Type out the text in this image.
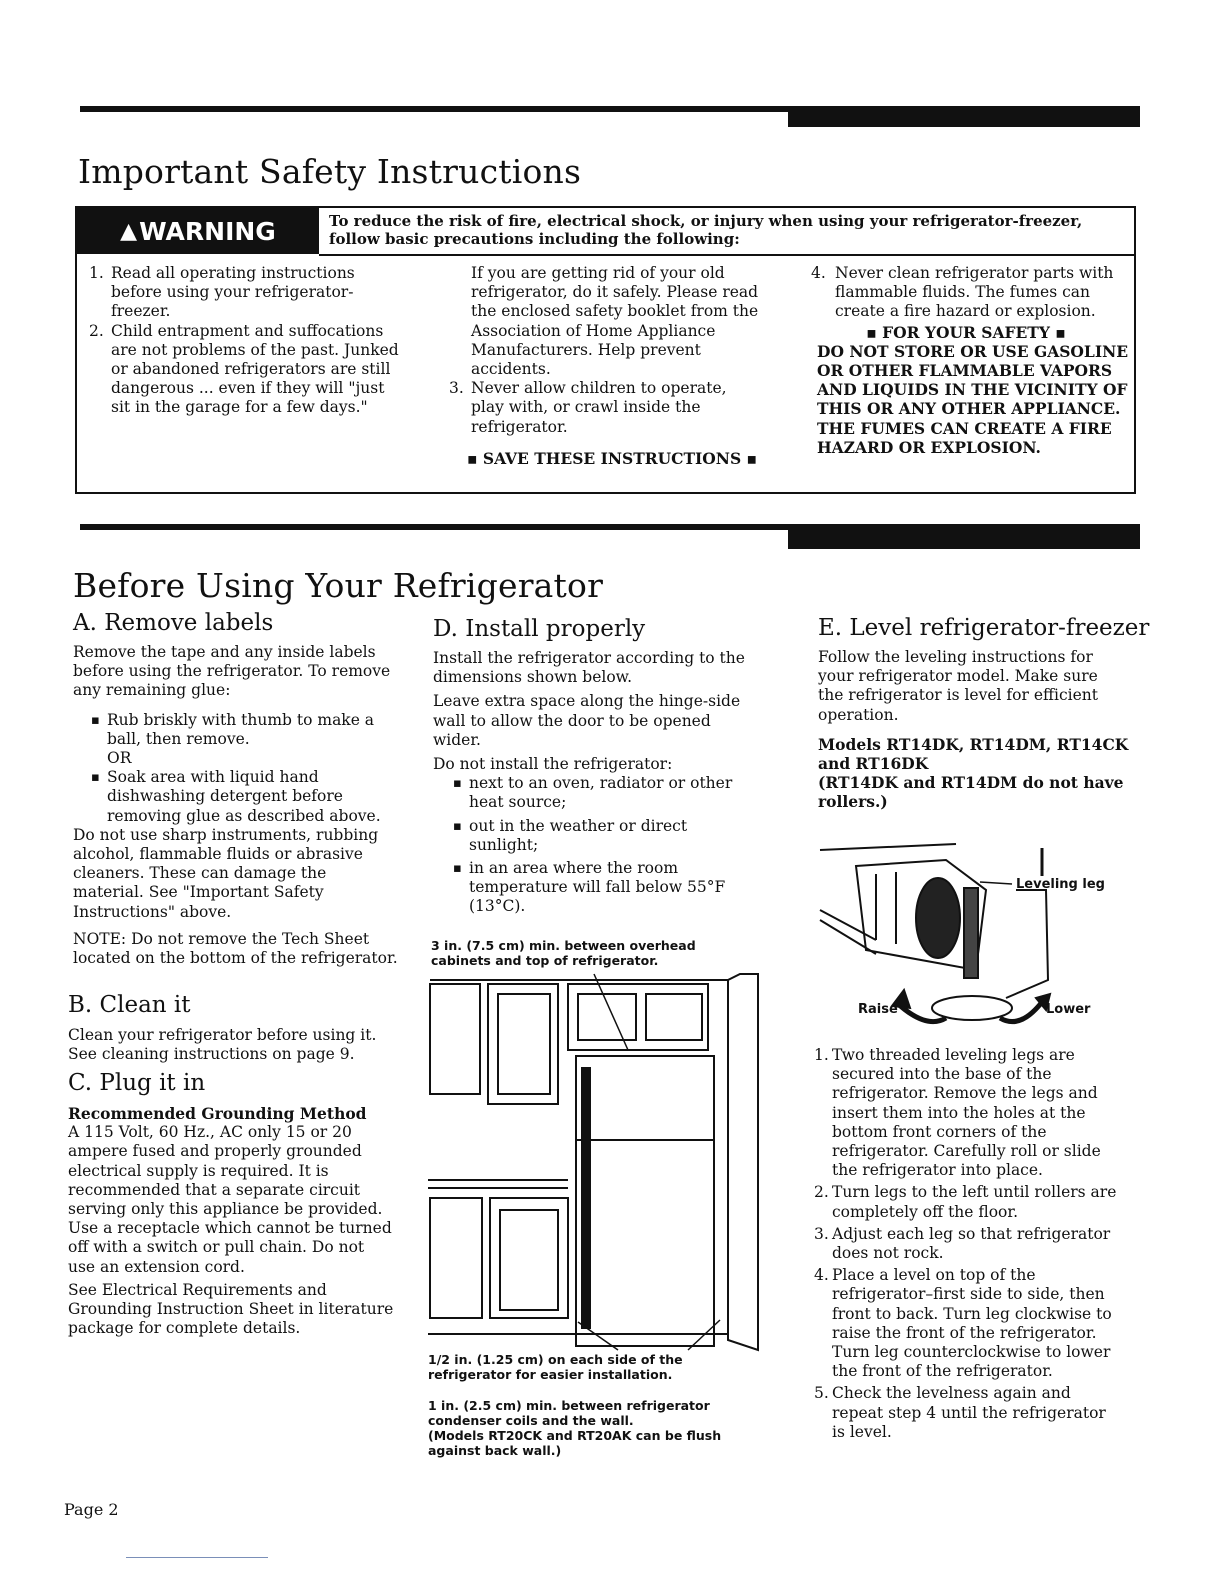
Important Safety Instructions
▲ WARNING	To reduce the risk of fire, electrical shock, or injury when using your refrigerator-freezer,
follow basic precautions including the following:
1. Read all operating instructions
before using your refrigerator-
freezer.
2. Child entrapment and suffocations
are not problems of the past. Junked
or abandoned refrigerators are still
dangerous ... even if they will "just
sit in the garage for a few days."
If you are getting rid of your old
refrigerator, do it safely. Please read
the enclosed safety booklet from the
Association of Home Appliance
Manufacturers. Help prevent
accidents.
3. Never allow children to operate,
play with, or crawl inside the
refrigerator.
▪ SAVE THESE INSTRUCTIONS ▪
4. Never clean refrigerator parts with
flammable fluids. The fumes can
create a fire hazard or explosion.
▪ FOR YOUR SAFETY ▪
DO NOT STORE OR USE GASOLINE
OR OTHER FLAMMABLE VAPORS
AND LIQUIDS IN THE VICINITY OF
THIS OR ANY OTHER APPLIANCE.
THE FUMES CAN CREATE A FIRE
HAZARD OR EXPLOSION.
Before Using Your Refrigerator
A. Remove labels
Remove the tape and any inside labels
before using the refrigerator. To remove
any remaining glue:
▪ Rub briskly with thumb to make a
ball, then remove.
OR
▪ Soak area with liquid hand
dishwashing detergent before
removing glue as described above.
Do not use sharp instruments, rubbing
alcohol, flammable fluids or abrasive
cleaners. These can damage the
material. See "Important Safety
Instructions" above.
NOTE: Do not remove the Tech Sheet
located on the bottom of the refrigerator.
B. Clean it
Clean your refrigerator before using it.
See cleaning instructions on page 9.
C. Plug it in
Recommended Grounding Method
A 115 Volt, 60 Hz., AC only 15 or 20
ampere fused and properly grounded
electrical supply is required. It is
recommended that a separate circuit
serving only this appliance be provided.
Use a receptacle which cannot be turned
off with a switch or pull chain. Do not
use an extension cord.
See Electrical Requirements and
Grounding Instruction Sheet in literature
package for complete details.
D. Install properly
Install the refrigerator according to the
dimensions shown below.
Leave extra space along the hinge-side
wall to allow the door to be opened
wider.
Do not install the refrigerator:
▪ next to an oven, radiator or other
heat source;
▪ out in the weather or direct
sunlight;
▪ in an area where the room
temperature will fall below 55°F
(13°C).
3 in. (7.5 cm) min. between overhead
cabinets and top of refrigerator.
1/2 in. (1.25 cm) on each side of the
refrigerator for easier installation.
1 in. (2.5 cm) min. between refrigerator
condenser coils and the wall.
(Models RT20CK and RT20AK can be flush
against back wall.)
E. Level refrigerator-freezer
Follow the leveling instructions for
your refrigerator model. Make sure
the refrigerator is level for efficient
operation.
Models RT14DK, RT14DM, RT14CK
and RT16DK
(RT14DK and RT14DM do not have
rollers.)
Leveling leg
Raise	Lower
1. Two threaded leveling legs are
secured into the base of the
refrigerator. Remove the legs and
insert them into the holes at the
bottom front corners of the
refrigerator. Carefully roll or slide
the refrigerator into place.
2. Turn legs to the left until rollers are
completely off the floor.
3. Adjust each leg so that refrigerator
does not rock.
4. Place a level on top of the
refrigerator–first side to side, then
front to back. Turn leg clockwise to
raise the front of the refrigerator.
Turn leg counterclockwise to lower
the front of the refrigerator.
5. Check the levelness again and
repeat step 4 until the refrigerator
is level.
Page 2
